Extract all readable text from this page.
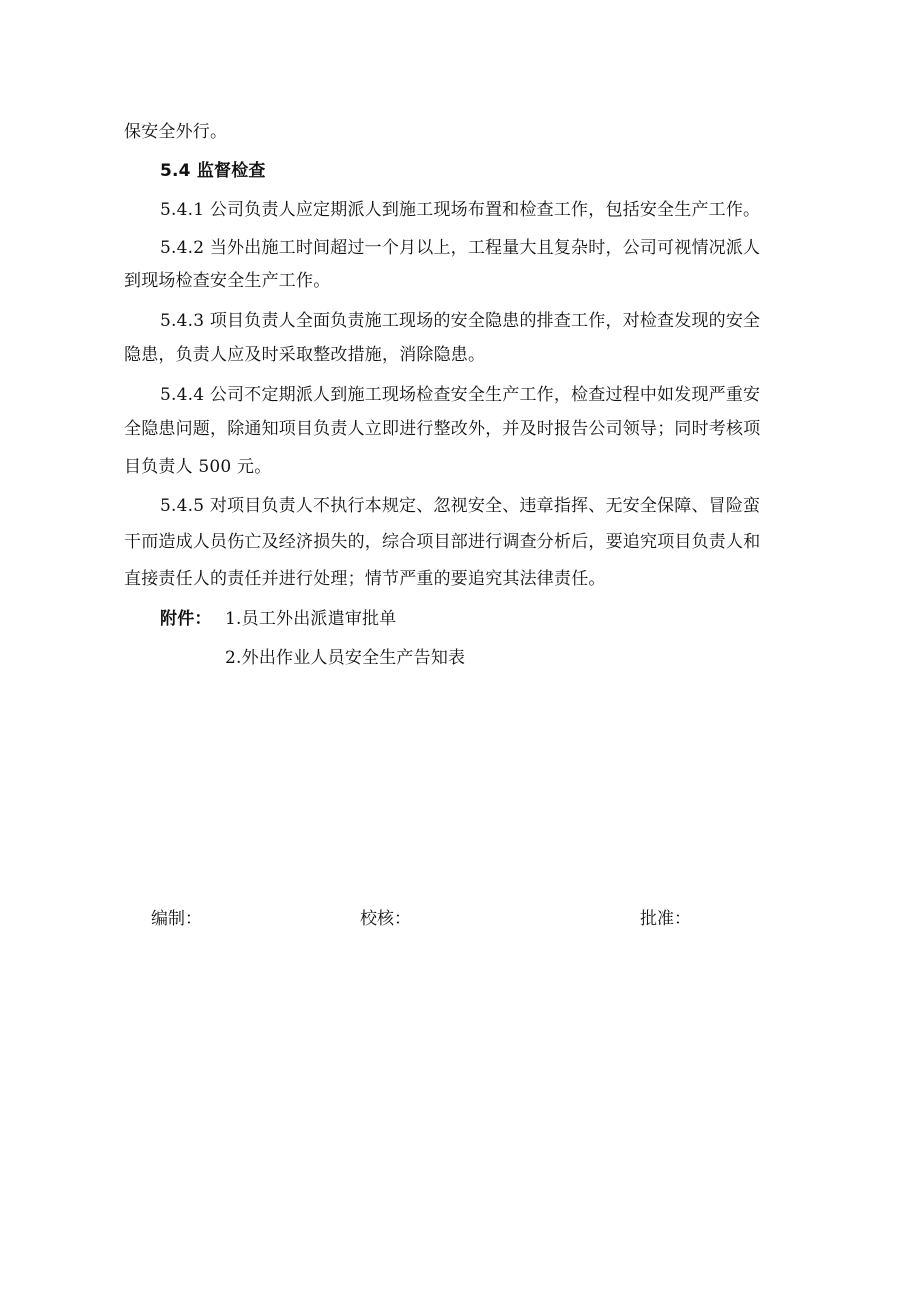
保安全外行。
5.4 监督检查
5.4.1 公司负责人应定期派人到施工现场布置和检查工作，包括安全生产工作。
5.4.2 当外出施工时间超过一个月以上，工程量大且复杂时，公司可视情况派人
到现场检查安全生产工作。
5.4.3 项目负责人全面负责施工现场的安全隐患的排查工作，对检查发现的安全
隐患，负责人应及时采取整改措施，消除隐患。
5.4.4 公司不定期派人到施工现场检查安全生产工作，检查过程中如发现严重安
全隐患问题，除通知项目负责人立即进行整改外，并及时报告公司领导；同时考核项
目负责人 500 元。
5.4.5 对项目负责人不执行本规定、忽视安全、违章指挥、无安全保障、冒险蛮
干而造成人员伤亡及经济损失的，综合项目部进行调查分析后，要追究项目负责人和
直接责任人的责任并进行处理；情节严重的要追究其法律责任。
附件： 1.员工外出派遣审批单
2.外出作业人员安全生产告知表
编制：	校核：	批准：
